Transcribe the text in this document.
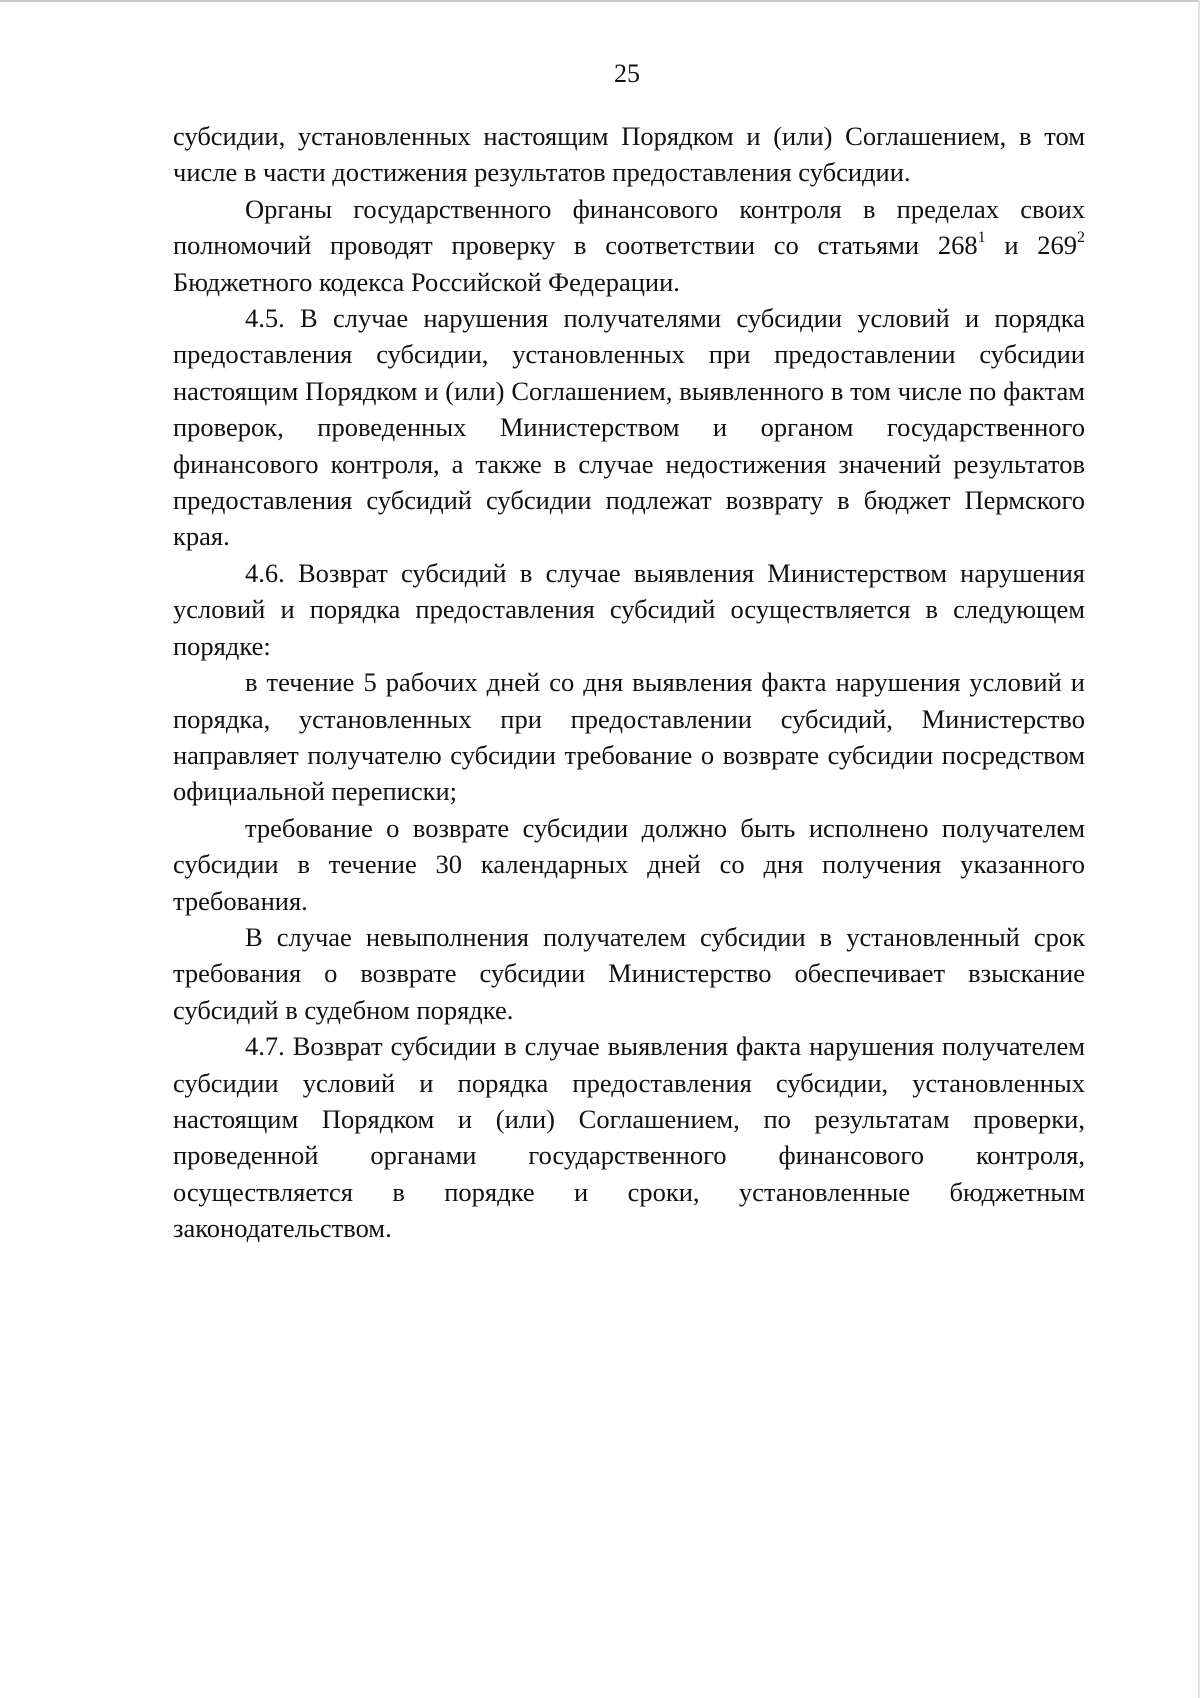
25

субсидии, установленных настоящим Порядком и (или) Соглашением, в том числе в части достижения результатов предоставления субсидии.

Органы государственного финансового контроля в пределах своих полномочий проводят проверку в соответствии со статьями $268^1$ и $269^2$ Бюджетного кодекса Российской Федерации.

4.5. В случае нарушения получателями субсидии условий и порядка предоставления субсидии, установленных при предоставлении субсидии настоящим Порядком и (или) Соглашением, выявленного в том числе по фактам проверок, проведенных Министерством и органом государственного финансового контроля, а также в случае недостижения значений результатов предоставления субсидий субсидии подлежат возврату в бюджет Пермского края.

4.6. Возврат субсидий в случае выявления Министерством нарушения условий и порядка предоставления субсидий осуществляется в следующем порядке:

в течение 5 рабочих дней со дня выявления факта нарушения условий и порядка, установленных при предоставлении субсидий, Министерство направляет получателю субсидии требование о возврате субсидии посредством официальной переписки;

требование о возврате субсидии должно быть исполнено получателем субсидии в течение 30 календарных дней со дня получения указанного требования.

В случае невыполнения получателем субсидии в установленный срок требования о возврате субсидии Министерство обеспечивает взыскание субсидий в судебном порядке.

4.7. Возврат субсидии в случае выявления факта нарушения получателем субсидии условий и порядка предоставления субсидии, установленных настоящим Порядком и (или) Соглашением, по результатам проверки, проведенной органами государственного финансового контроля, осуществляется в порядке и сроки, установленные бюджетным законодательством.
